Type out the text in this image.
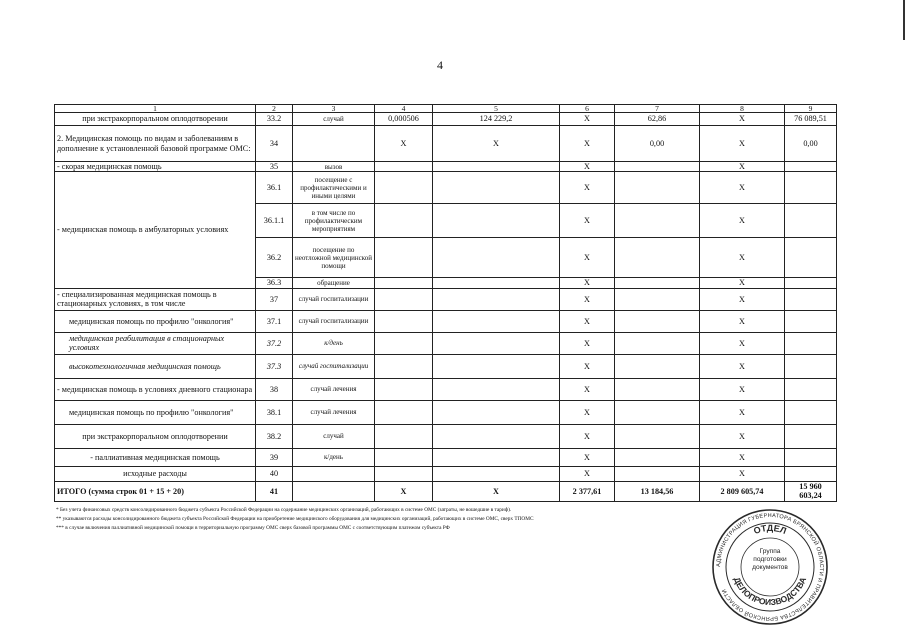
4
1	2	3	4	5	6	7	8	9	
при экстракорпоральном оплодотворении	33.2	случай	0,000506	124 229,2	Х	62,86	Х	76 089,51	
2. Медицинская помощь по видам и заболеваниям в дополнение к установленной базовой программе ОМС:	34		Х	Х	Х	0,00	Х	0,00	
- скорая медицинская помощь	35	вызов			Х		Х		
- медицинская помощь в амбулаторных условиях	36.1	посещение с профилактическими и иными целями			Х		Х		
	36.1.1	в том числе по профилактическим мероприятиям			Х		Х		
	36.2	посещение по неотложной медицинской помощи			Х		Х		
	36.3	обращение			Х		Х		
- специализированная медицинская помощь в стационарных условиях, в том числе	37	случай госпитализации			Х		Х		
медицинская помощь по профилю "онкология"	37.1	случай госпитализации			Х		Х		
медицинская реабилитация в стационарных условиях	37.2	к/день			Х		Х		
высокотехнологичная медицинская помощь	37.3	случай госпитализации			Х		Х		
- медицинская помощь в условиях дневного стационара	38	случай лечения			Х		Х		
медицинская помощь по профилю "онкология"	38.1	случай лечения			Х		Х		
при экстракорпоральном оплодотворении	38.2	случай			Х		Х		
- паллиативная медицинская помощь	39	к/день			Х		Х		
исходные расходы	40				Х		Х		
ИТОГО (сумма строк 01 + 15 + 20)	41		Х	Х	2 377,61	13 184,56	2 809 605,74	15 960 603,24	
* Без учета финансовых средств консолидированного бюджета субъекта Российской Федерации на содержание медицинских организаций, работающих в системе ОМС (затраты, не вошедшие в тариф).
** указываются расходы консолидированного бюджета субъекта Российской Федерации на приобретение медицинского оборудования для медицинских организаций, работающих в системе ОМС, сверх ТПОМС
*** в случае включения паллиативной медицинской помощи в территориальную программу ОМС сверх базовой программы ОМС с соответствующим платежом субъекта РФ
АДМИНИСТРАЦИЯ ГУБЕРНАТОРА БРЯНСКОЙ ОБЛАСТИ И ПРАВИТЕЛЬСТВА БРЯНСКОЙ ОБЛАСТИ
ОТДЕЛ
ДЕЛОПРОИЗВОДСТВА
Группа
подготовки
документов
